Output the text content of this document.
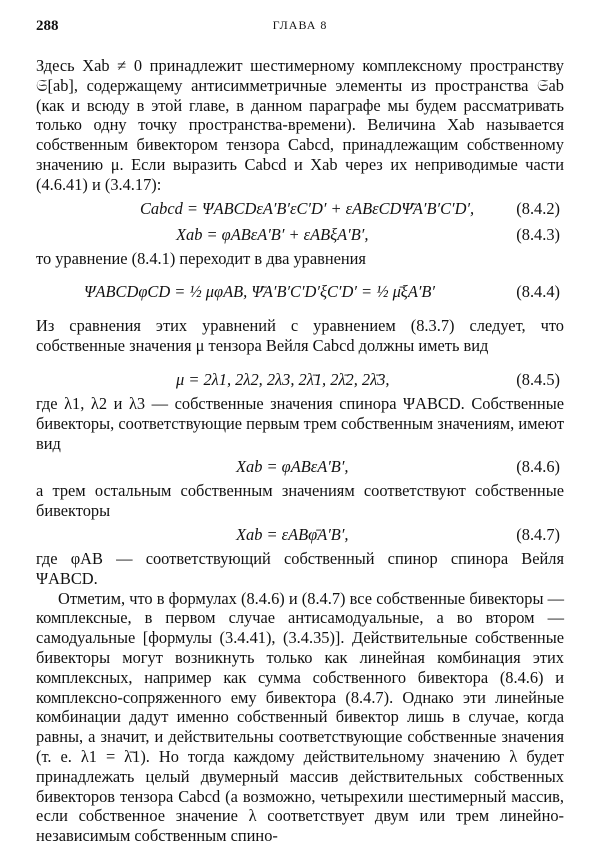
288	ГЛАВА 8

Здесь Xab ≠ 0 принадлежит шестимерному комплексному пространству 𝔖[ab], содержащему антисимметричные элементы из пространства 𝔖ab (как и всюду в этой главе, в данном параграфе мы будем рассматривать только одну точку пространства-времени). Величина Xab называется собственным бивектором тензора Cabcd, принадлежащим собственному значению μ. Если выразить Cabcd и Xab через их неприводимые части (4.6.41) и (3.4.17):

Cabcd = ΨABCDεA′B′εC′D′ + εABεCDΨ̄A′B′C′D′,	(8.4.2)
Xab = φABεA′B′ + εABξA′B′,	(8.4.3)

то уравнение (8.4.1) переходит в два уравнения

ΨABCDφCD = ½ μφAB, Ψ̄A′B′C′D′ξC′D′ = ½ μ̄ξA′B′	(8.4.4)

Из сравнения этих уравнений с уравнением (8.3.7) следует, что собственные значения μ тензора Вейля Cabcd должны иметь вид

μ = 2λ1, 2λ2, 2λ3, 2λ̄1, 2λ̄2, 2λ̄3,	(8.4.5)

где λ1, λ2 и λ3 — собственные значения спинора ΨABCD. Собственные бивекторы, соответствующие первым трем собственным значениям, имеют вид

Xab = φABεA′B′,	(8.4.6)

а трем остальным собственным значениям соответствуют собственные бивекторы

Xab = εABφ̄A′B′,	(8.4.7)

где φAB — соответствующий собственный спинор спинора Вейля ΨABCD.

Отметим, что в формулах (8.4.6) и (8.4.7) все собственные бивекторы — комплексные, в первом случае антисамодуальные, а во втором — самодуальные [формулы (3.4.41), (3.4.35)]. Действительные собственные бивекторы могут возникнуть только как линейная комбинация этих комплексных, например как сумма собственного бивектора (8.4.6) и комплексно-сопряженного ему бивектора (8.4.7). Однако эти линейные комбинации дадут именно собственный бивектор лишь в случае, когда равны, а значит, и действительны соответствующие собственные значения (т. е. λ1 = λ̄1). Но тогда каждому действительному значению λ будет принадлежать целый двумерный массив действительных собственных бивекторов тензора Cabcd (а возможно, четырехили шестимерный массив, если собственное значение λ соответствует двум или трем линейно-независимым собственным спино-
